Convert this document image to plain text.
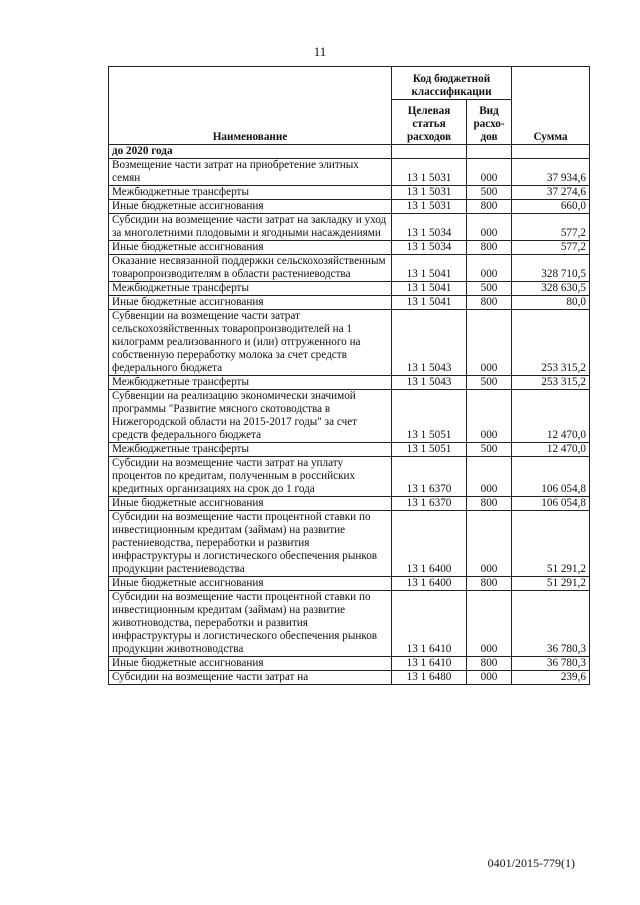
11
Наименование	Код бюджетной классификации		Сумма
	Целевая статья расходов	Вид расхо-дов	
до 2020 года			
Возмещение части затрат на приобретение элитных семян	13 1 5031	000	37 934,6
Межбюджетные трансферты	13 1 5031	500	37 274,6
Иные бюджетные ассигнования	13 1 5031	800	660,0
Субсидии на возмещение части затрат на закладку и уход за многолетними плодовыми и ягодными насаждениями	13 1 5034	000	577,2
Иные бюджетные ассигнования	13 1 5034	800	577,2
Оказание несвязанной поддержки сельскохозяйственным товаропроизводителям в области растениеводства	13 1 5041	000	328 710,5
Межбюджетные трансферты	13 1 5041	500	328 630,5
Иные бюджетные ассигнования	13 1 5041	800	80,0
Субвенции на возмещение части затрат сельскохозяйственных товаропроизводителей на 1 килограмм реализованного и (или) отгруженного на собственную переработку молока за счет средств федерального бюджета	13 1 5043	000	253 315,2
Межбюджетные трансферты	13 1 5043	500	253 315,2
Субвенции на реализацию экономически значимой программы "Развитие мясного скотоводства в Нижегородской области на 2015-2017 годы" за счет средств федерального бюджета	13 1 5051	000	12 470,0
Межбюджетные трансферты	13 1 5051	500	12 470,0
Субсидии на возмещение части затрат на уплату процентов по кредитам, полученным в российских кредитных организациях на срок до 1 года	13 1 6370	000	106 054,8
Иные бюджетные ассигнования	13 1 6370	800	106 054,8
Субсидии на возмещение части процентной ставки по инвестиционным кредитам (займам) на развитие растениеводства, переработки и развития инфраструктуры и логистического обеспечения рынков продукции растениеводства	13 1 6400	000	51 291,2
Иные бюджетные ассигнования	13 1 6400	800	51 291,2
Субсидии на возмещение части процентной ставки по инвестиционным кредитам (займам) на развитие животноводства, переработки и развития инфраструктуры и логистического обеспечения рынков продукции животноводства	13 1 6410	000	36 780,3
Иные бюджетные ассигнования	13 1 6410	800	36 780,3
Субсидии на возмещение части затрат на	13 1 6480	000	239,6
0401/2015-779(1)
